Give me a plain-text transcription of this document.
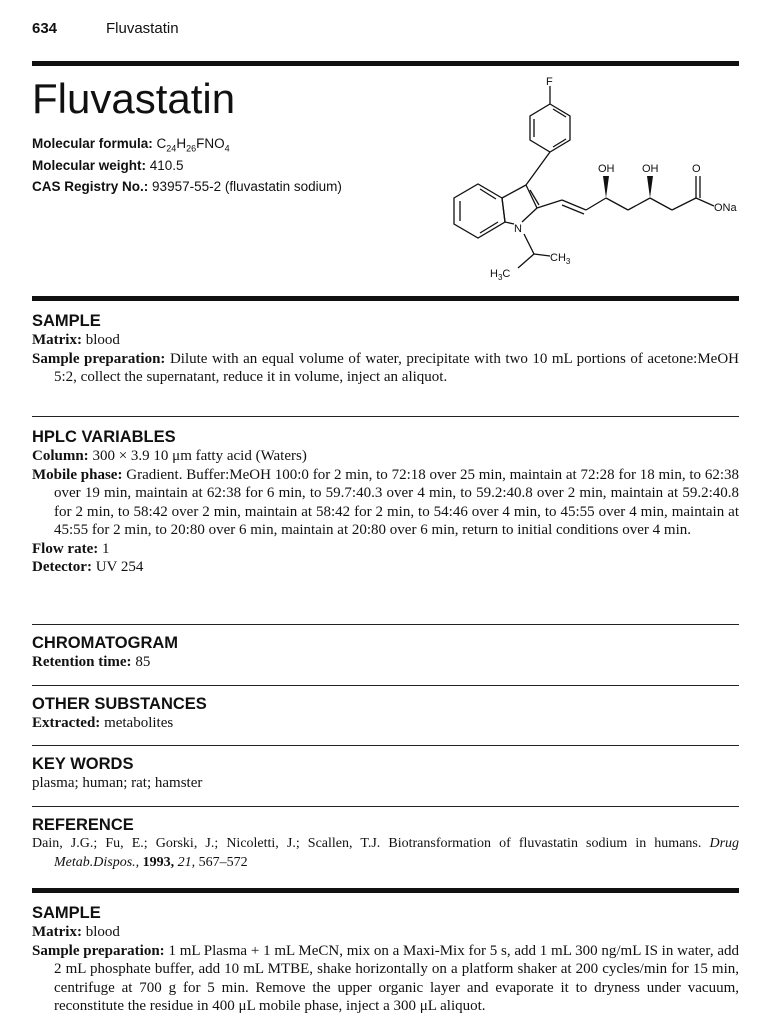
634	Fluvastatin
Fluvastatin
Molecular formula: $C_{24}H_{26}FNO_4$
Molecular weight: 410.5
CAS Registry No.: 93957-55-2 (fluvastatin sodium)
F
OH	OH	O
ONa
N
$CH_3$
$H_3C$
SAMPLE

Matrix: blood

Sample preparation: Dilute with an equal volume of water, precipitate with two 10 mL portions of acetone:MeOH 5:2, collect the supernatant, reduce it in volume, inject an aliquot.

HPLC VARIABLES

Column: 300 × 3.9 10 μm fatty acid (Waters)

Mobile phase: Gradient. Buffer:MeOH 100:0 for 2 min, to 72:18 over 25 min, maintain at 72:28 for 18 min, to 62:38 over 19 min, maintain at 62:38 for 6 min, to 59.7:40.3 over 4 min, to 59.2:40.8 over 2 min, maintain at 59.2:40.8 for 2 min, to 58:42 over 2 min, maintain at 58:42 for 2 min, to 54:46 over 4 min, to 45:55 over 4 min, maintain at 45:55 for 2 min, to 20:80 over 6 min, maintain at 20:80 over 6 min, return to initial conditions over 4 min.

Flow rate: 1

Detector: UV 254

CHROMATOGRAM

Retention time: 85

OTHER SUBSTANCES

Extracted: metabolites

KEY WORDS

plasma; human; rat; hamster

REFERENCE

Dain, J.G.; Fu, E.; Gorski, J.; Nicoletti, J.; Scallen, T.J. Biotransformation of fluvastatin sodium in humans. Drug Metab.Dispos., 1993, 21, 567–572

SAMPLE

Matrix: blood

Sample preparation: 1 mL Plasma + 1 mL MeCN, mix on a Maxi-Mix for 5 s, add 1 mL 300 ng/mL IS in water, add 2 mL phosphate buffer, add 10 mL MTBE, shake horizontally on a platform shaker at 200 cycles/min for 15 min, centrifuge at 700 g for 5 min. Remove the upper organic layer and evaporate it to dryness under vacuum, reconstitute the residue in 400 μL mobile phase, inject a 300 μL aliquot.
